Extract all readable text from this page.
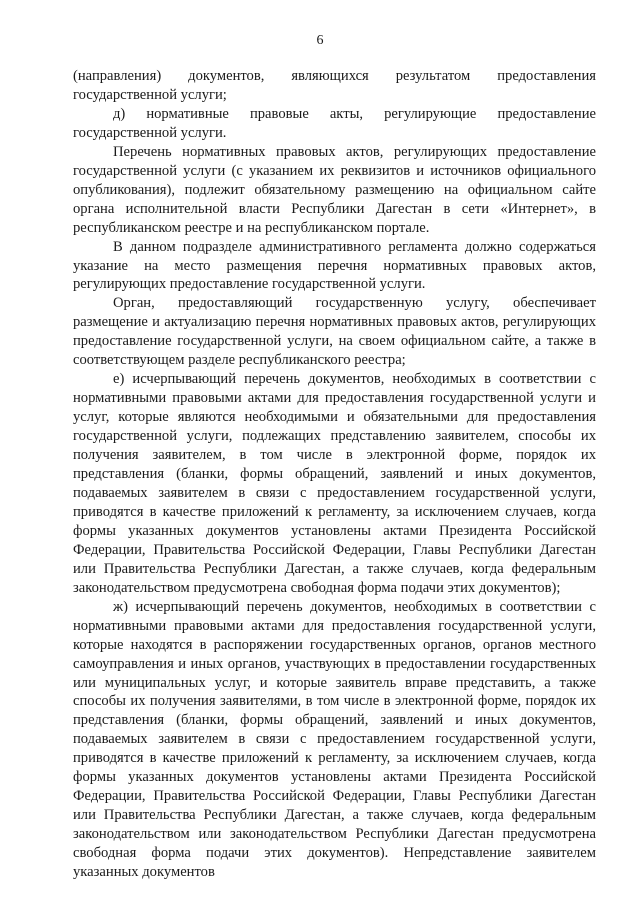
6

(направления) документов, являющихся результатом предоставления государственной услуги;

д) нормативные правовые акты, регулирующие предоставление государственной услуги.

Перечень нормативных правовых актов, регулирующих предоставление государственной услуги (с указанием их реквизитов и источников официального опубликования), подлежит обязательному размещению на официальном сайте органа исполнительной власти Республики Дагестан в сети «Интернет», в республиканском реестре и на республиканском портале.

В данном подразделе административного регламента должно содержаться указание на место размещения перечня нормативных правовых актов, регулирующих предоставление государственной услуги.

Орган, предоставляющий государственную услугу, обеспечивает размещение и актуализацию перечня нормативных правовых актов, регулирующих предоставление государственной услуги, на своем официальном сайте, а также в соответствующем разделе республиканского реестра;

е) исчерпывающий перечень документов, необходимых в соответствии с нормативными правовыми актами для предоставления государственной услуги и услуг, которые являются необходимыми и обязательными для предоставления государственной услуги, подлежащих представлению заявителем, способы их получения заявителем, в том числе в электронной форме, порядок их представления (бланки, формы обращений, заявлений и иных документов, подаваемых заявителем в связи с предоставлением государственной услуги, приводятся в качестве приложений к регламенту, за исключением случаев, когда формы указанных документов установлены актами Президента Российской Федерации, Правительства Российской Федерации, Главы Республики Дагестан или Правительства Республики Дагестан, а также случаев, когда федеральным законодательством предусмотрена свободная форма подачи этих документов);

ж) исчерпывающий перечень документов, необходимых в соответствии с нормативными правовыми актами для предоставления государственной услуги, которые находятся в распоряжении государственных органов, органов местного самоуправления и иных органов, участвующих в предоставлении государственных или муниципальных услуг, и которые заявитель вправе представить, а также способы их получения заявителями, в том числе в электронной форме, порядок их представления (бланки, формы обращений, заявлений и иных документов, подаваемых заявителем в связи с предоставлением государственной услуги, приводятся в качестве приложений к регламенту, за исключением случаев, когда формы указанных документов установлены актами Президента Российской Федерации, Правительства Российской Федерации, Главы Республики Дагестан или Правительства Республики Дагестан, а также случаев, когда федеральным законодательством или законодательством Республики Дагестан предусмотрена свободная форма подачи этих документов). Непредставление заявителем указанных документов
